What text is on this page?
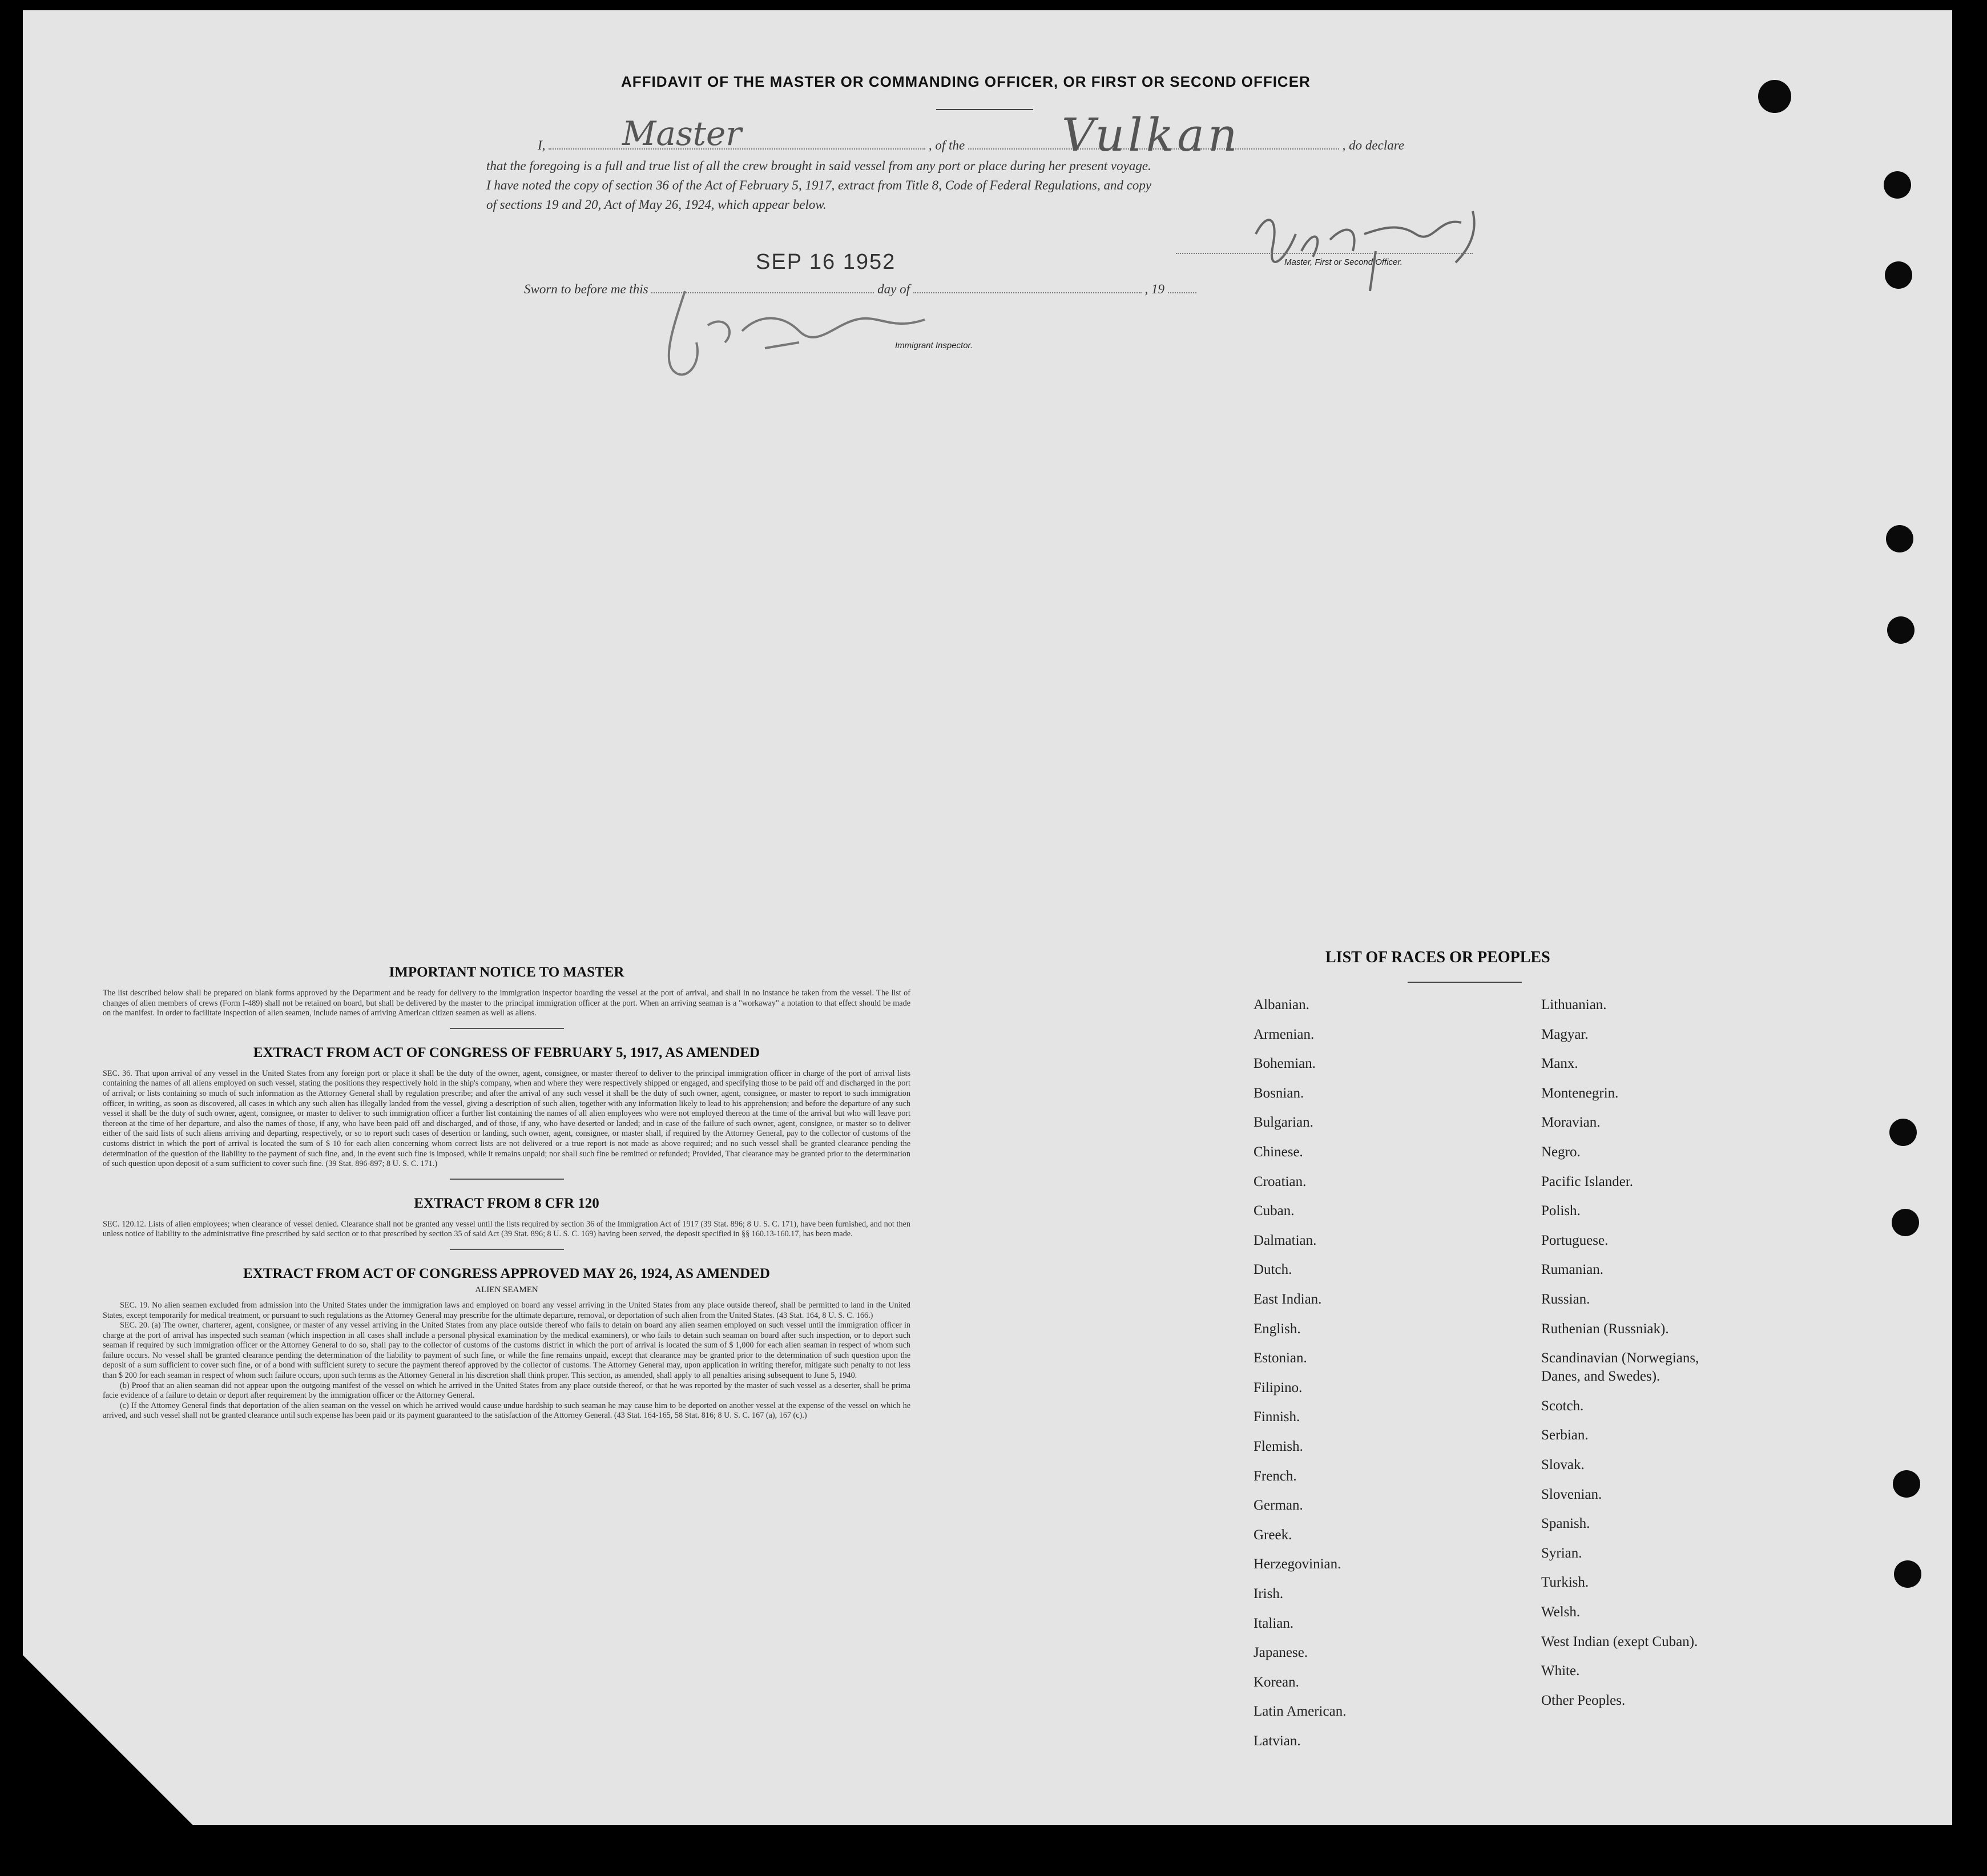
AFFIDAVIT OF THE MASTER OR COMMANDING OFFICER, OR FIRST OR SECOND OFFICER
I,	, of the	, do declare
Master	Vulkan
that the foregoing is a full and true list of all the crew brought in said vessel from any port or place during her present voyage.
I have noted the copy of section 36 of the Act of February 5, 1917, extract from Title 8, Code of Federal Regulations, and copy
of sections 19 and 20, Act of May 26, 1924, which appear below.
Master, First or Second Officer.
SEP 16 1952
Sworn to before me this	day of	, 19
Immigrant Inspector.
IMPORTANT NOTICE TO MASTER
The list described below shall be prepared on blank forms approved by the Department and be ready for delivery to the immigration inspector boarding the vessel at the port of arrival, and shall in no instance be taken from the vessel. The list of changes of alien members of crews (Form I-489) shall not be retained on board, but shall be delivered by the master to the principal immigration officer at the port. When an arriving seaman is a "workaway" a notation to that effect should be made on the manifest. In order to facilitate inspection of alien seamen, include names of arriving American citizen seamen as well as aliens.
EXTRACT FROM ACT OF CONGRESS OF FEBRUARY 5, 1917, AS AMENDED
SEC. 36. That upon arrival of any vessel in the United States from any foreign port or place it shall be the duty of the owner, agent, consignee, or master thereof to deliver to the principal immigration officer in charge of the port of arrival lists containing the names of all aliens employed on such vessel, stating the positions they respectively hold in the ship's company, when and where they were respectively shipped or engaged, and specifying those to be paid off and discharged in the port of arrival; or lists containing so much of such information as the Attorney General shall by regulation prescribe; and after the arrival of any such vessel it shall be the duty of such owner, agent, consignee, or master to report to such immigration officer, in writing, as soon as discovered, all cases in which any such alien has illegally landed from the vessel, giving a description of such alien, together with any information likely to lead to his apprehension; and before the departure of any such vessel it shall be the duty of such owner, agent, consignee, or master to deliver to such immigration officer a further list containing the names of all alien employees who were not employed thereon at the time of the arrival but who will leave port thereon at the time of her departure, and also the names of those, if any, who have been paid off and discharged, and of those, if any, who have deserted or landed; and in case of the failure of such owner, agent, consignee, or master so to deliver either of the said lists of such aliens arriving and departing, respectively, or so to report such cases of desertion or landing, such owner, agent, consignee, or master shall, if required by the Attorney General, pay to the collector of customs of the customs district in which the port of arrival is located the sum of $ 10 for each alien concerning whom correct lists are not delivered or a true report is not made as above required; and no such vessel shall be granted clearance pending the determination of the question of the liability to the payment of such fine, and, in the event such fine is imposed, while it remains unpaid; nor shall such fine be remitted or refunded; Provided, That clearance may be granted prior to the determination of such question upon deposit of a sum sufficient to cover such fine. (39 Stat. 896-897; 8 U. S. C. 171.)
EXTRACT FROM 8 CFR 120
SEC. 120.12. Lists of alien employees; when clearance of vessel denied. Clearance shall not be granted any vessel until the lists required by section 36 of the Immigration Act of 1917 (39 Stat. 896; 8 U. S. C. 171), have been furnished, and not then unless notice of liability to the administrative fine prescribed by said section or to that prescribed by section 35 of said Act (39 Stat. 896; 8 U. S. C. 169) having been served, the deposit specified in §§ 160.13-160.17, has been made.
EXTRACT FROM ACT OF CONGRESS APPROVED MAY 26, 1924, AS AMENDED
ALIEN SEAMEN
SEC. 19. No alien seamen excluded from admission into the United States under the immigration laws and employed on board any vessel arriving in the United States from any place outside thereof, shall be permitted to land in the United States, except temporarily for medical treatment, or pursuant to such regulations as the Attorney General may prescribe for the ultimate departure, removal, or deportation of such alien from the United States. (43 Stat. 164, 8 U. S. C. 166.)
SEC. 20. (a) The owner, charterer, agent, consignee, or master of any vessel arriving in the United States from any place outside thereof who fails to detain on board any alien seamen employed on such vessel until the immigration officer in charge at the port of arrival has inspected such seaman (which inspection in all cases shall include a personal physical examination by the medical examiners), or who fails to detain such seaman on board after such inspection, or to deport such seaman if required by such immigration officer or the Attorney General to do so, shall pay to the collector of customs of the customs district in which the port of arrival is located the sum of $ 1,000 for each alien seaman in respect of whom such failure occurs. No vessel shall be granted clearance pending the determination of the liability to payment of such fine, or while the fine remains unpaid, except that clearance may be granted prior to the determination of such question upon the deposit of a sum sufficient to cover such fine, or of a bond with sufficient surety to secure the payment thereof approved by the collector of customs. The Attorney General may, upon application in writing therefor, mitigate such penalty to not less than $ 200 for each seaman in respect of whom such failure occurs, upon such terms as the Attorney General in his discretion shall think proper. This section, as amended, shall apply to all penalties arising subsequent to June 5, 1940.
(b) Proof that an alien seaman did not appear upon the outgoing manifest of the vessel on which he arrived in the United States from any place outside thereof, or that he was reported by the master of such vessel as a deserter, shall be prima facie evidence of a failure to detain or deport after requirement by the immigration officer or the Attorney General.
(c) If the Attorney General finds that deportation of the alien seaman on the vessel on which he arrived would cause undue hardship to such seaman he may cause him to be deported on another vessel at the expense of the vessel on which he arrived, and such vessel shall not be granted clearance until such expense has been paid or its payment guaranteed to the satisfaction of the Attorney General. (43 Stat. 164-165, 58 Stat. 816; 8 U. S. C. 167 (a), 167 (c).)
LIST OF RACES OR PEOPLES
Albanian.
Armenian.
Bohemian.
Bosnian.
Bulgarian.
Chinese.
Croatian.
Cuban.
Dalmatian.
Dutch.
East Indian.
English.
Estonian.
Filipino.
Finnish.
Flemish.
French.
German.
Greek.
Herzegovinian.
Irish.
Italian.
Japanese.
Korean.
Latin American.
Latvian.
Lithuanian.
Magyar.
Manx.
Montenegrin.
Moravian.
Negro.
Pacific Islander.
Polish.
Portuguese.
Rumanian.
Russian.
Ruthenian (Russniak).
Scandinavian (Norwegians,
Danes, and Swedes).
Scotch.
Serbian.
Slovak.
Slovenian.
Spanish.
Syrian.
Turkish.
Welsh.
West Indian (exept Cuban).
White.
Other Peoples.
